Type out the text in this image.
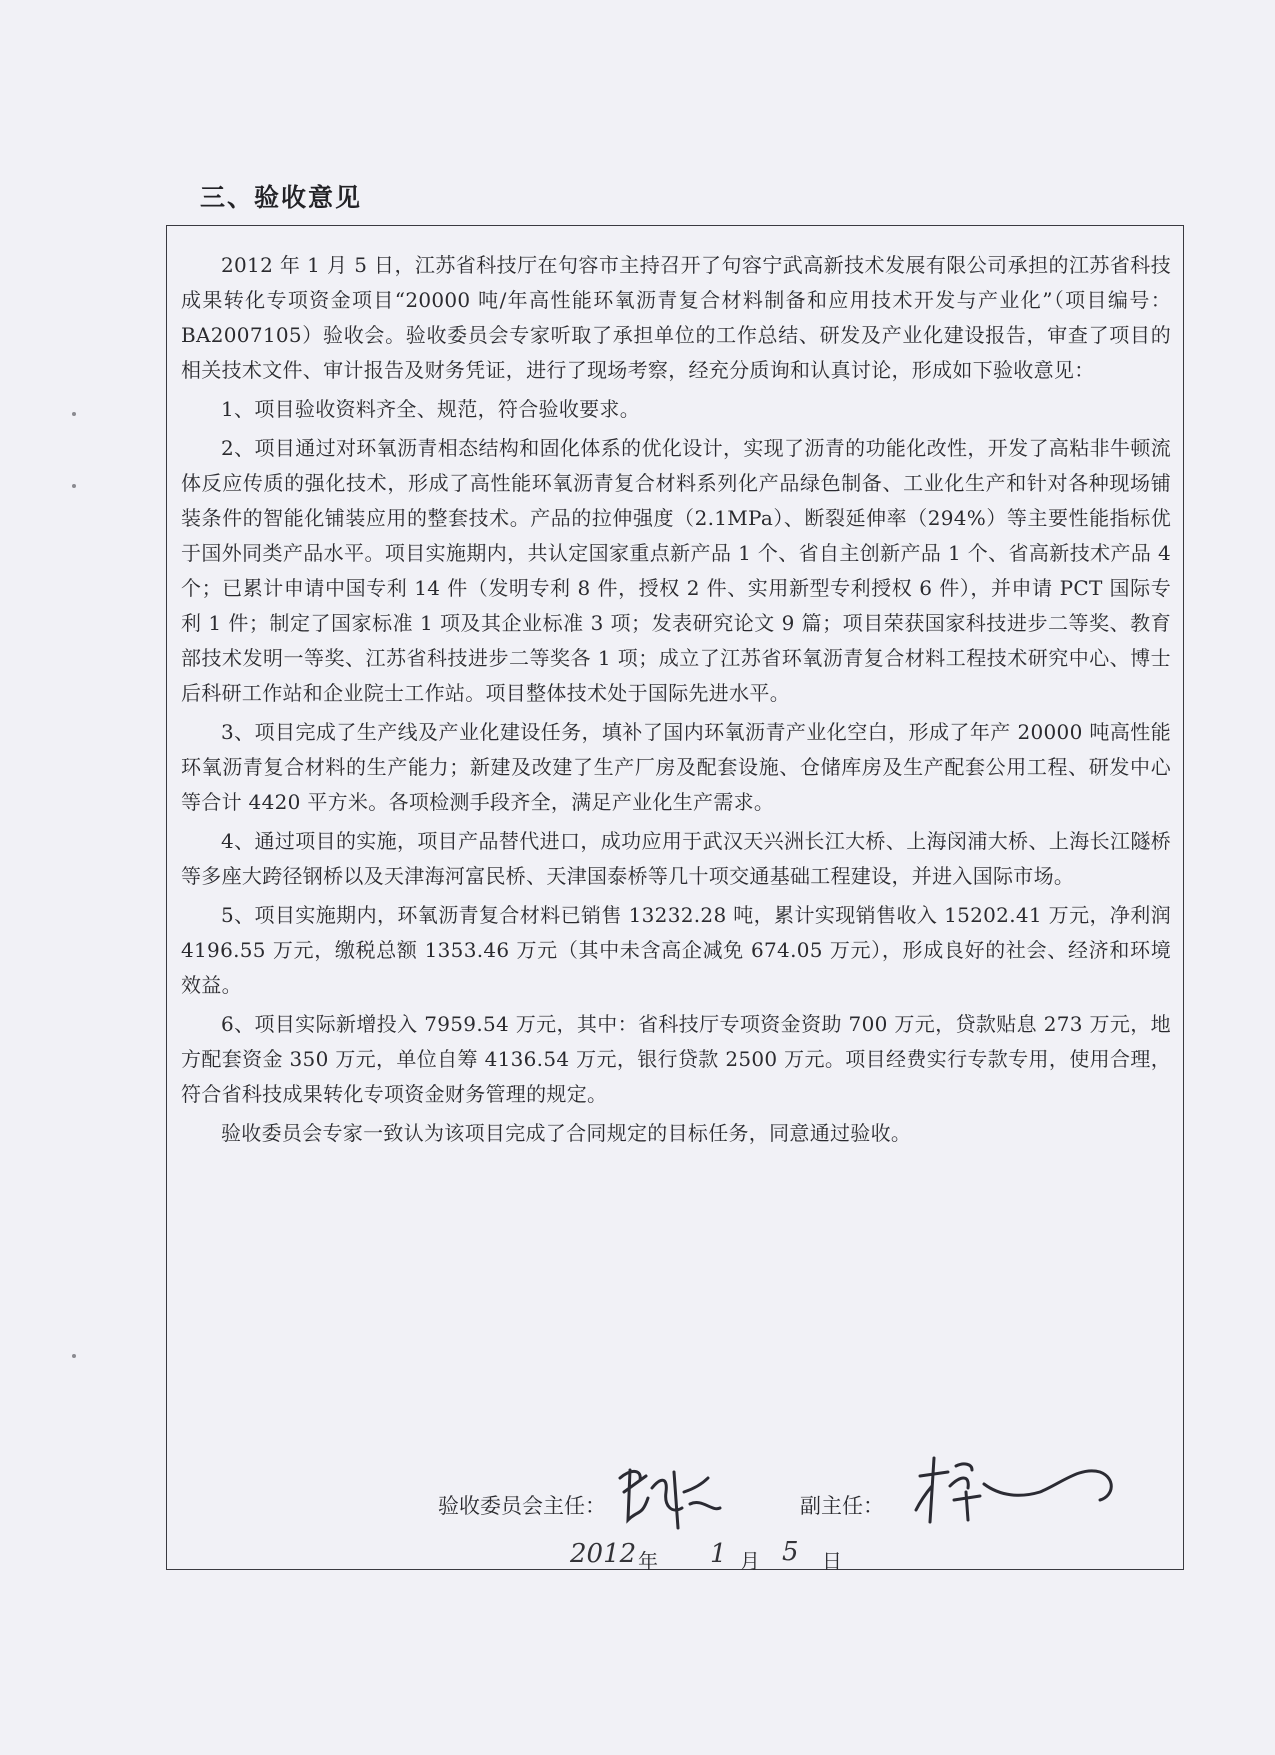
三、验收意见

2012 年 1 月 5 日，江苏省科技厅在句容市主持召开了句容宁武高新技术发展有限公司承担的江苏省科技成果转化专项资金项目“20000 吨/年高性能环氧沥青复合材料制备和应用技术开发与产业化”（项目编号：BA2007105）验收会。验收委员会专家听取了承担单位的工作总结、研发及产业化建设报告，审查了项目的相关技术文件、审计报告及财务凭证，进行了现场考察，经充分质询和认真讨论，形成如下验收意见：

1、项目验收资料齐全、规范，符合验收要求。

2、项目通过对环氧沥青相态结构和固化体系的优化设计，实现了沥青的功能化改性，开发了高粘非牛顿流体反应传质的强化技术，形成了高性能环氧沥青复合材料系列化产品绿色制备、工业化生产和针对各种现场铺装条件的智能化铺装应用的整套技术。产品的拉伸强度（2.1MPa）、断裂延伸率（294%）等主要性能指标优于国外同类产品水平。项目实施期内，共认定国家重点新产品 1 个、省自主创新产品 1 个、省高新技术产品 4 个；已累计申请中国专利 14 件（发明专利 8 件，授权 2 件、实用新型专利授权 6 件），并申请 PCT 国际专利 1 件；制定了国家标准 1 项及其企业标准 3 项；发表研究论文 9 篇；项目荣获国家科技进步二等奖、教育部技术发明一等奖、江苏省科技进步二等奖各 1 项；成立了江苏省环氧沥青复合材料工程技术研究中心、博士后科研工作站和企业院士工作站。项目整体技术处于国际先进水平。

3、项目完成了生产线及产业化建设任务，填补了国内环氧沥青产业化空白，形成了年产 20000 吨高性能环氧沥青复合材料的生产能力；新建及改建了生产厂房及配套设施、仓储库房及生产配套公用工程、研发中心等合计 4420 平方米。各项检测手段齐全，满足产业化生产需求。

4、通过项目的实施，项目产品替代进口，成功应用于武汉天兴洲长江大桥、上海闵浦大桥、上海长江隧桥等多座大跨径钢桥以及天津海河富民桥、天津国泰桥等几十项交通基础工程建设，并进入国际市场。

5、项目实施期内，环氧沥青复合材料已销售 13232.28 吨，累计实现销售收入 15202.41 万元，净利润 4196.55 万元，缴税总额 1353.46 万元（其中未含高企减免 674.05 万元），形成良好的社会、经济和环境效益。

6、项目实际新增投入 7959.54 万元，其中：省科技厅专项资金资助 700 万元，贷款贴息 273 万元，地方配套资金 350 万元，单位自筹 4136.54 万元，银行贷款 2500 万元。项目经费实行专款专用，使用合理，符合省科技成果转化专项资金财务管理的规定。

验收委员会专家一致认为该项目完成了合同规定的目标任务，同意通过验收。

验收委员会主任：	副主任：
2012 年 1 月 5 日
